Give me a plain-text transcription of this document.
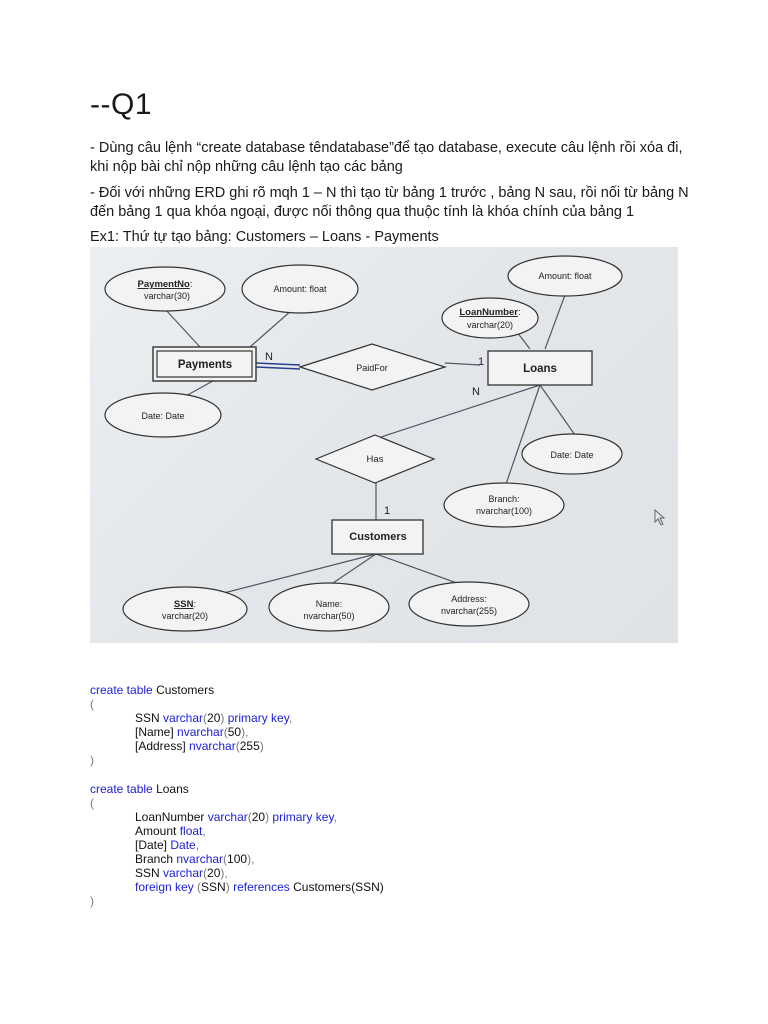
--Q1
- Dùng câu lệnh “create database têndatabase”để tạo database, execute câu lệnh rồi xóa đi, khi nộp bài chỉ nộp những câu lệnh tạo các bảng
- Đối với những ERD ghi rõ mqh 1 – N thì tạo từ bảng 1 trước , bảng N sau, rồi nối từ bảng N đến bảng 1 qua khóa ngoại, được nối thông qua thuộc tính là khóa chính của bảng 1
Ex1: Thứ tự tạo bảng: Customers – Loans - Payments
Payments	Loans
Customers
PaidFor
Has
PaymentNo:
varchar(30)
Amount: float
Date: Date
Amount: float
LoanNumber:
varchar(20)
Date: Date
Branch:
nvarchar(100)
SSN:
varchar(20)
Name:
nvarchar(50)
Address:
nvarchar(255)
N	1
N
1
create table Customers
(
SSN varchar(20) primary key,
[Name] nvarchar(50),
[Address] nvarchar(255)
)
create table Loans
(
LoanNumber varchar(20) primary key,
Amount float,
[Date] Date,
Branch nvarchar(100),
SSN varchar(20),
foreign key (SSN) references Customers(SSN)
)
